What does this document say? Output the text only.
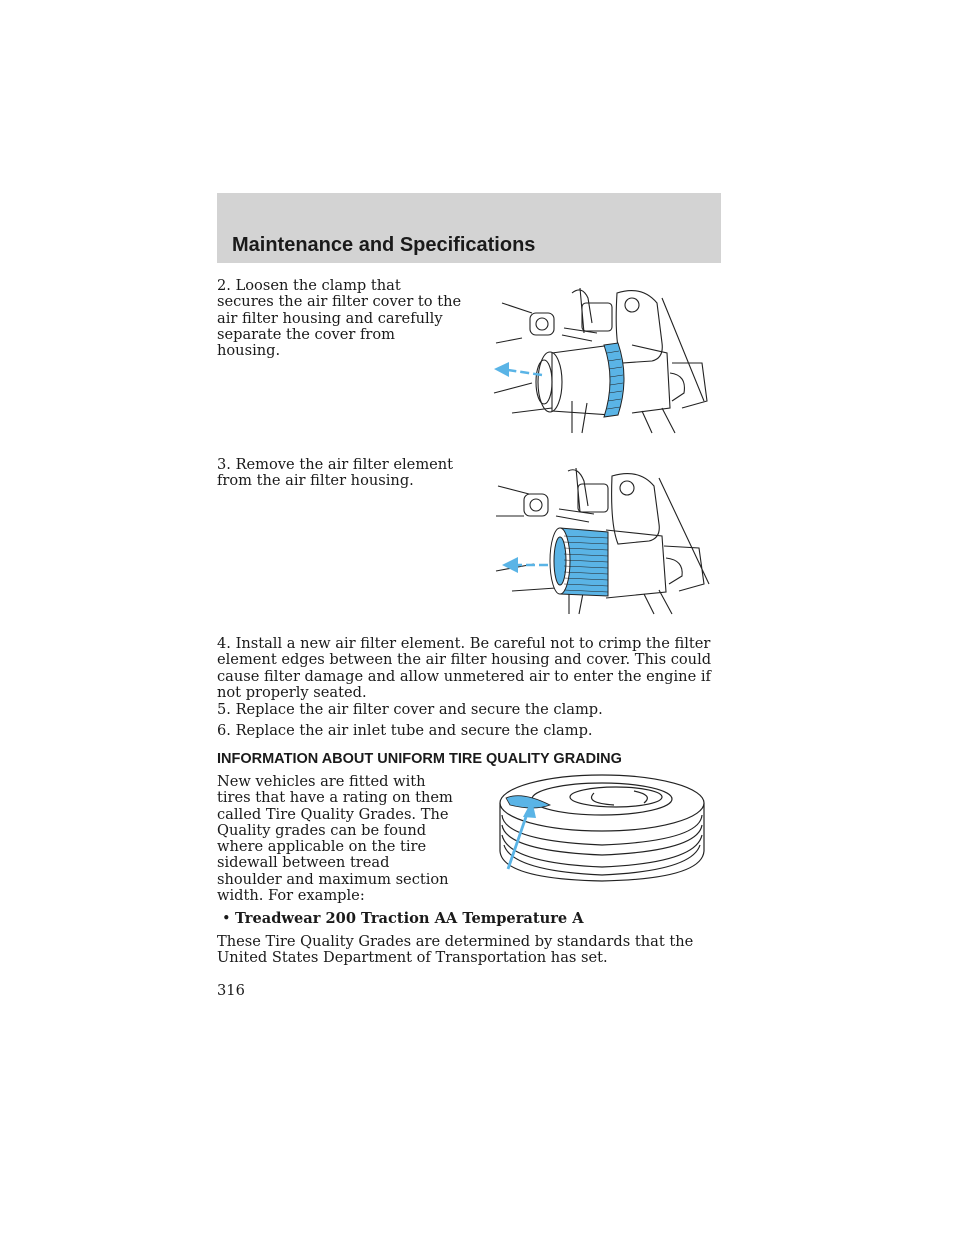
Maintenance and Specifications

2. Loosen the clamp that secures the air filter cover to the air filter housing and carefully separate the cover from housing.

3. Remove the air filter element from the air filter housing.

4. Install a new air filter element. Be careful not to crimp the filter element edges between the air filter housing and cover. This could cause filter damage and allow unmetered air to enter the engine if not properly seated.

5. Replace the air filter cover and secure the clamp.

6. Replace the air inlet tube and secure the clamp.

INFORMATION ABOUT UNIFORM TIRE QUALITY GRADING

New vehicles are fitted with tires that have a rating on them called Tire Quality Grades. The Quality grades can be found where applicable on the tire sidewall between tread shoulder and maximum section width. For example:

• Treadwear 200 Traction AA Temperature A

These Tire Quality Grades are determined by standards that the United States Department of Transportation has set.

316
